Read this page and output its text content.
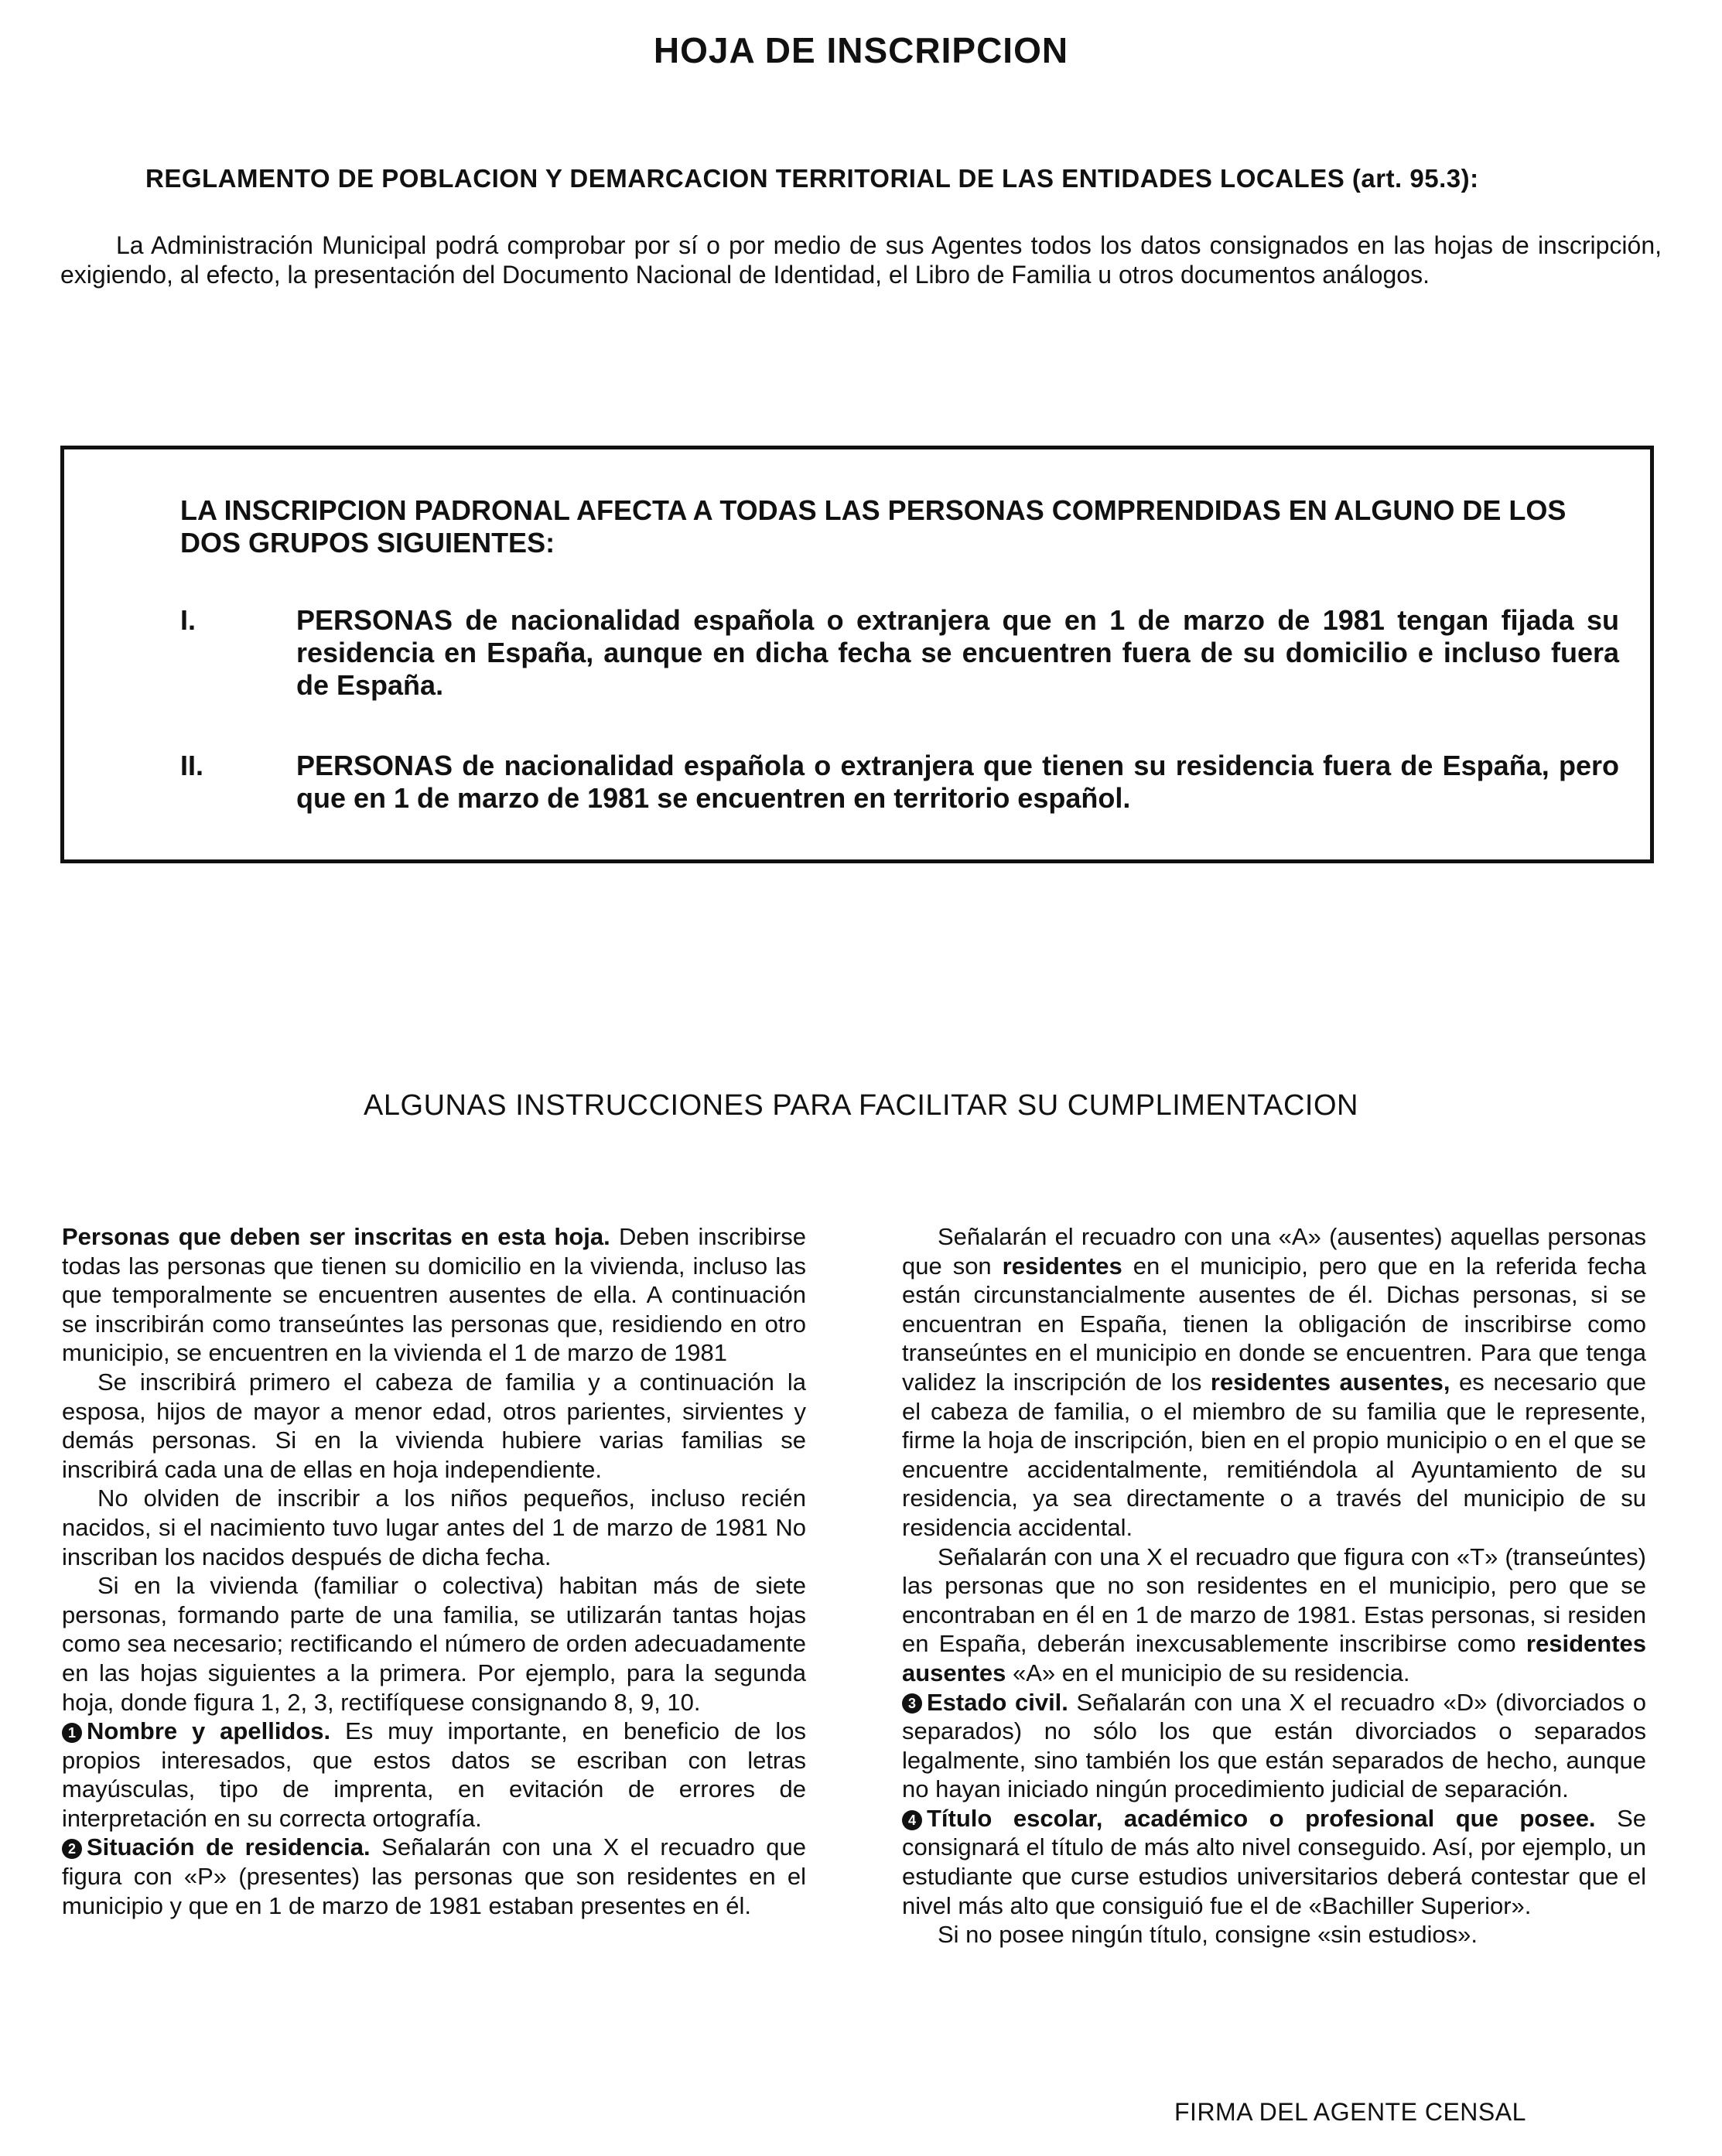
HOJA DE INSCRIPCION
REGLAMENTO DE POBLACION Y DEMARCACION TERRITORIAL DE LAS ENTIDADES LOCALES (art. 95.3):
La Administración Municipal podrá comprobar por sí o por medio de sus Agentes todos los datos consignados en las hojas de inscripción, exigiendo, al efecto, la presentación del Documento Nacional de Identidad, el Libro de Familia u otros documentos análogos.
LA INSCRIPCION PADRONAL AFECTA A TODAS LAS PERSONAS COMPRENDIDAS EN ALGUNO DE LOS DOS GRUPOS SIGUIENTES:
I.	PERSONAS de nacionalidad española o extranjera que en 1 de marzo de 1981 tengan fijada su residencia en España, aunque en dicha fecha se encuentren fuera de su domicilio e incluso fuera de España.
II.	PERSONAS de nacionalidad española o extranjera que tienen su residencia fuera de España, pero que en 1 de marzo de 1981 se encuentren en territorio español.
ALGUNAS INSTRUCCIONES PARA FACILITAR SU CUMPLIMENTACION

Personas que deben ser inscritas en esta hoja. Deben inscribirse todas las personas que tienen su domicilio en la vivienda, incluso las que temporalmente se encuentren ausentes de ella. A continuación se inscribirán como transeúntes las personas que, residiendo en otro municipio, se encuentren en la vivienda el 1 de marzo de 1981

Se inscribirá primero el cabeza de familia y a continuación la esposa, hijos de mayor a menor edad, otros parientes, sirvientes y demás personas. Si en la vivienda hubiere varias familias se inscribirá cada una de ellas en hoja independiente.

No olviden de inscribir a los niños pequeños, incluso recién nacidos, si el nacimiento tuvo lugar antes del 1 de marzo de 1981 No inscriban los nacidos después de dicha fecha.

Si en la vivienda (familiar o colectiva) habitan más de siete personas, formando parte de una familia, se utilizarán tantas hojas como sea necesario; rectificando el número de orden adecuadamente en las hojas siguientes a la primera. Por ejemplo, para la segunda hoja, donde figura 1, 2, 3, rectifíquese consignando 8, 9, 10.

1 Nombre y apellidos. Es muy importante, en beneficio de los propios interesados, que estos datos se escriban con letras mayúsculas, tipo de imprenta, en evitación de errores de interpretación en su correcta ortografía.

2 Situación de residencia. Señalarán con una X el recuadro que figura con «P» (presentes) las personas que son residentes en el municipio y que en 1 de marzo de 1981 estaban presentes en él.

Señalarán el recuadro con una «A» (ausentes) aquellas personas que son residentes en el municipio, pero que en la referida fecha están circunstancialmente ausentes de él. Dichas personas, si se encuentran en España, tienen la obligación de inscribirse como transeúntes en el municipio en donde se encuentren. Para que tenga validez la inscripción de los residentes ausentes, es necesario que el cabeza de familia, o el miembro de su familia que le represente, firme la hoja de inscripción, bien en el propio municipio o en el que se encuentre accidentalmente, remitiéndola al Ayuntamiento de su residencia, ya sea directamente o a través del municipio de su residencia accidental.

Señalarán con una X el recuadro que figura con «T» (transeúntes) las personas que no son residentes en el municipio, pero que se encontraban en él en 1 de marzo de 1981. Estas personas, si residen en España, deberán inexcusablemente inscribirse como residentes ausentes «A» en el municipio de su residencia.

3 Estado civil. Señalarán con una X el recuadro «D» (divorciados o separados) no sólo los que están divorciados o separados legalmente, sino también los que están separados de hecho, aunque no hayan iniciado ningún procedimiento judicial de separación.

4 Título escolar, académico o profesional que posee. Se consignará el título de más alto nivel conseguido. Así, por ejemplo, un estudiante que curse estudios universitarios deberá contestar que el nivel más alto que consiguió fue el de «Bachiller Superior».

Si no posee ningún título, consigne «sin estudios».

FIRMA DEL AGENTE CENSAL
